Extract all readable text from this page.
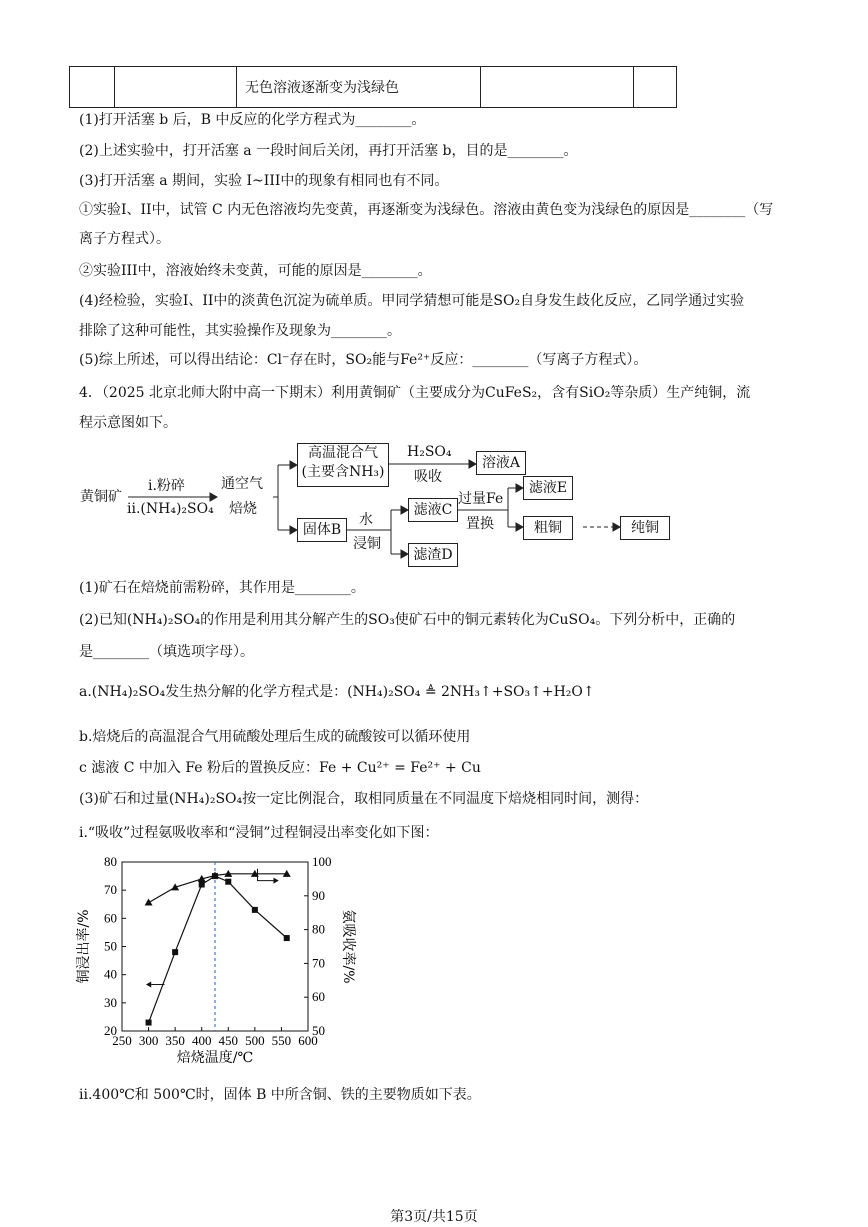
		无色溶液逐渐变为浅绿色		
(1)打开活塞 b 后，B 中反应的化学方程式为________。
(2)上述实验中，打开活塞 a 一段时间后关闭，再打开活塞 b，目的是________。
(3)打开活塞 a 期间，实验 I~III中的现象有相同也有不同。
①实验I、II中，试管 C 内无色溶液均先变黄，再逐渐变为浅绿色。溶液由黄色变为浅绿色的原因是________（写
离子方程式）。
②实验III中，溶液始终未变黄，可能的原因是________。
(4)经检验，实验I、II中的淡黄色沉淀为硫单质。甲同学猜想可能是SO₂自身发生歧化反应，乙同学通过实验
排除了这种可能性，其实验操作及现象为________。
(5)综上所述，可以得出结论：Cl⁻存在时，SO₂能与Fe²⁺反应：________（写离子方程式）。
4．（2025 北京北师大附中高一下期末）利用黄铜矿（主要成分为CuFeS₂，含有SiO₂等杂质）生产纯铜，流
程示意图如下。
黄铜矿
i.粉碎
ii.(NH₄)₂SO₄
通空气
焙烧
高温混合气
(主要含NH₃)
H₂SO₄
吸收
溶液A
固体B
水
浸铜
滤液C
过量Fe
置换
滤液E
粗铜	纯铜
滤渣D
(1)矿石在焙烧前需粉碎，其作用是________。
(2)已知(NH₄)₂SO₄的作用是利用其分解产生的SO₃使矿石中的铜元素转化为CuSO₄。下列分析中，正确的
是________（填选项字母）。
a.(NH₄)₂SO₄发生热分解的化学方程式是：(NH₄)₂SO₄ ≜ 2NH₃↑+SO₃↑+H₂O↑
b.焙烧后的高温混合气用硫酸处理后生成的硫酸铵可以循环使用
c 滤液 C 中加入 Fe 粉后的置换反应：Fe + Cu²⁺ = Fe²⁺ + Cu
(3)矿石和过量(NH₄)₂SO₄按一定比例混合，取相同质量在不同温度下焙烧相同时间，测得：
i.“吸收”过程氨吸收率和“浸铜”过程铜浸出率变化如下图：
250 300 350 400 450 500 550 600
20
30
40
50
60
70
80
50
60
70
80
90
100
焙烧温度/℃
铜浸出率/%	氨吸收率/%
ii.400℃和 500℃时，固体 B 中所含铜、铁的主要物质如下表。
第3页/共15页
